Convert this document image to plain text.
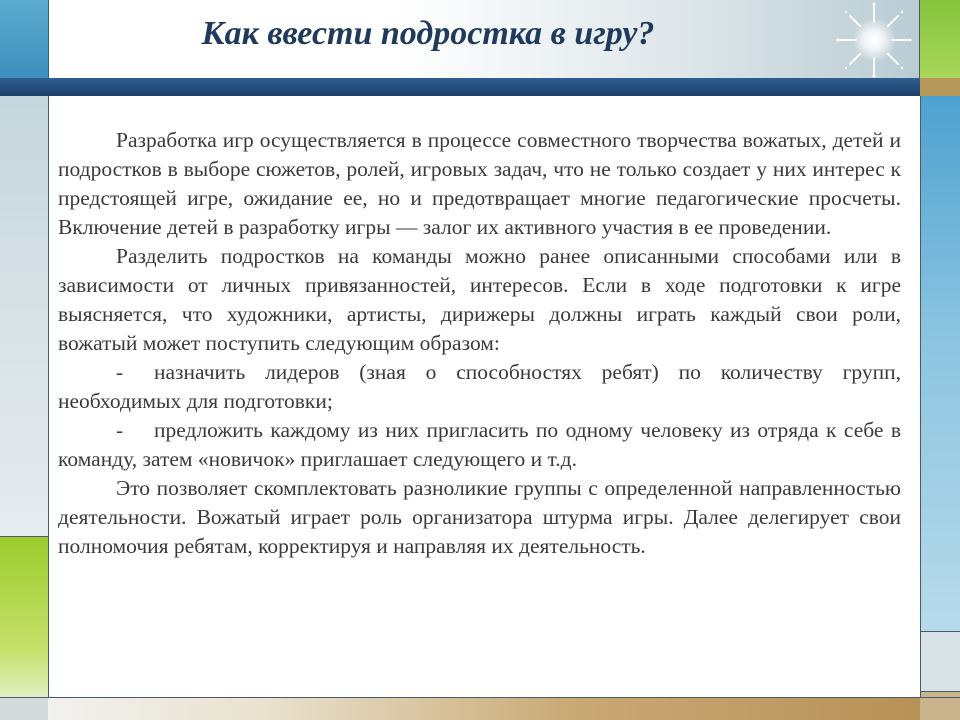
Как ввести подростка в игру?

Разработка игр осуществляется в процессе совместного творчества вожатых, детей и подростков в выборе сюжетов, ролей, игровых задач, что не только создает у них интерес к предстоящей игре, ожидание ее, но и предотвращает многие педагогические просчеты. Включение детей в разработку игры — залог их активного участия в ее проведении.

Разделить подростков на команды можно ранее описанными способами или в зависимости от личных привязанностей, интересов. Если в ходе подготовки к игре выясняется, что художники, артисты, дирижеры должны играть каждый свои роли, вожатый может поступить следующим образом:

- назначить лидеров (зная о способностях ребят) по количеству групп, необходимых для подготовки;

- предложить каждому из них пригласить по одному человеку из отряда к себе в команду, затем «новичок» приглашает следующего и т.д.

Это позволяет скомплектовать разноликие группы с определенной направленностью деятельности. Вожатый играет роль организатора штурма игры. Далее делегирует свои полномочия ребятам, корректируя и направляя их деятельность.
